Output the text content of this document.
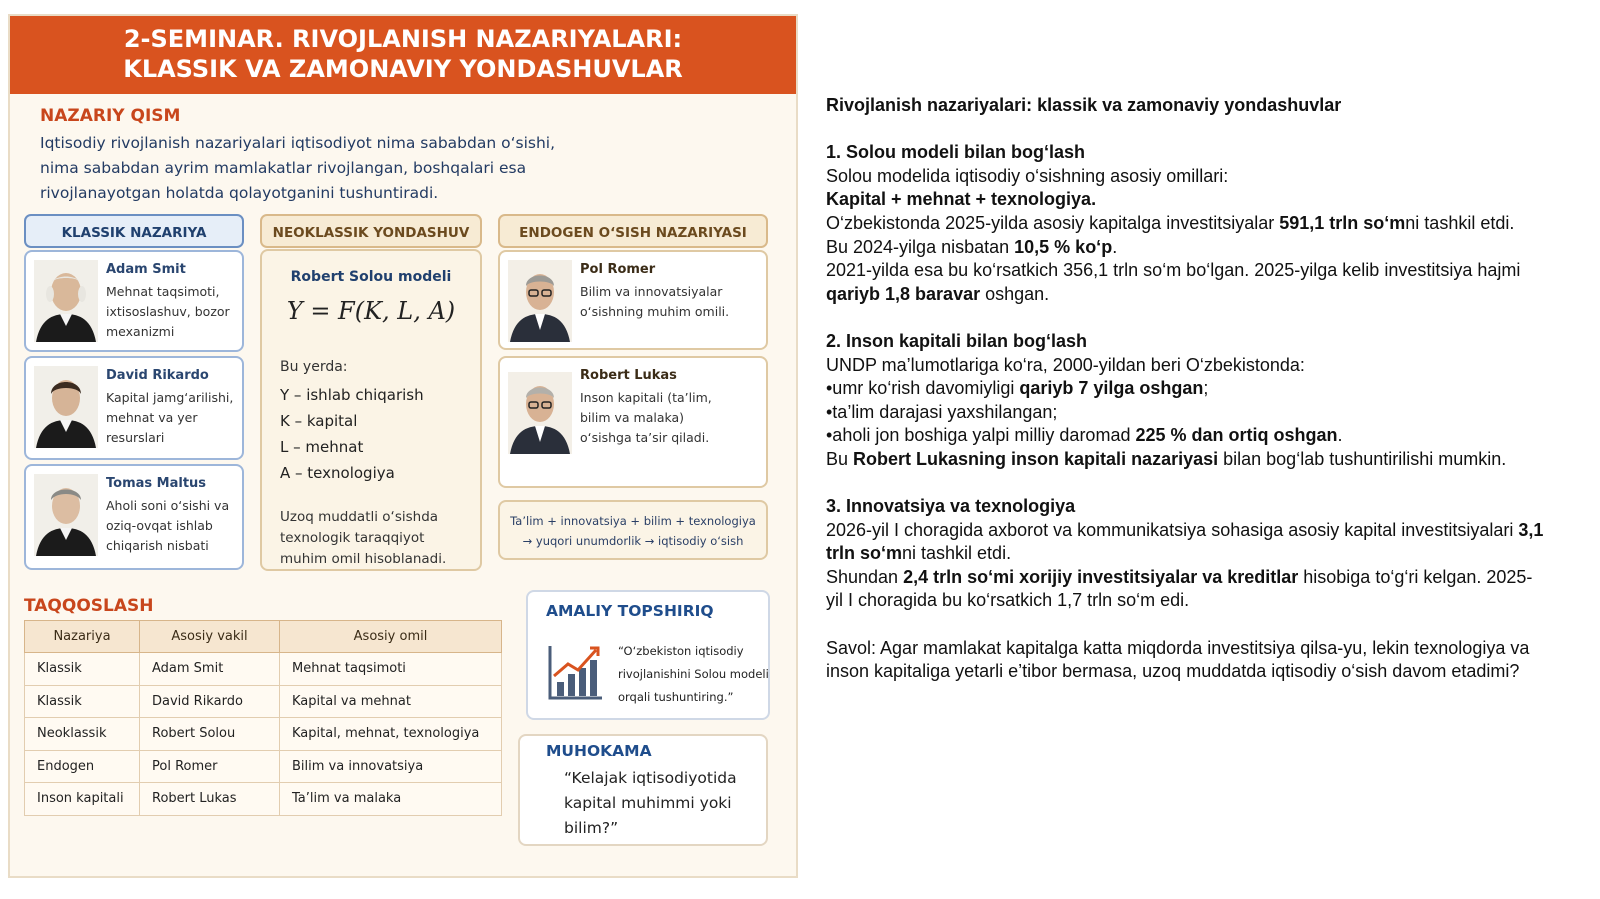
2-SEMINAR. RIVOJLANISH NAZARIYALARI:
KLASSIK VA ZAMONAVIY YONDASHUVLAR
NAZARIY QISM
Iqtisodiy rivojlanish nazariyalari iqtisodiyot nima sababdan o‘sishi,
nima sababdan ayrim mamlakatlar rivojlangan, boshqalari esa
rivojlanayotgan holatda qolayotganini tushuntiradi.
KLASSIK NAZARIYA
Adam Smit
Mehnat taqsimoti, ixtisoslashuv, bozor mexanizmi
David Rikardo
Kapital jamg‘arilishi, mehnat va yer resurslari
Tomas Maltus
Aholi soni o‘sishi va oziq-ovqat ishlab chiqarish nisbati
Robert Solou modeli
Y = F(K, L, A)
Bu yerda:
Y – ishlab chiqarish
K – kapital
L – mehnat
A – texnologiya
Uzoq muddatli o‘sishda texnologik taraqqiyot muhim omil hisoblanadi.
NEOKLASSIK YONDASHUV	ENDOGEN O‘SISH NAZARIYASI
Pol Romer
Bilim va innovatsiyalar o‘sishning muhim omili.
Robert Lukas
Inson kapitali (ta’lim, bilim va malaka) o‘sishga ta’sir qiladi.
Ta’lim + innovatsiya + bilim + texnologiya
→ yuqori unumdorlik → iqtisodiy o‘sish
TAQQOSLASH
Nazariya	Asosiy vakil	Asosiy omil
Klassik	Adam Smit	Mehnat taqsimoti
Klassik	David Rikardo	Kapital va mehnat
Neoklassik	Robert Solou	Kapital, mehnat, texnologiya
Endogen	Pol Romer	Bilim va innovatsiya
Inson kapitali	Robert Lukas	Ta’lim va malaka
AMALIY TOPSHIRIQ
“O‘zbekiston iqtisodiy rivojlanishini Solou modeli orqali tushuntiring.”
MUHOKAMA
“Kelajak iqtisodiyotida kapital muhimmi yoki bilim?”

Rivojlanish nazariyalari: klassik va zamonaviy yondashuvlar

1. Solou modeli bilan bog‘lash

Solou modelida iqtisodiy o‘sishning asosiy omillari:

Kapital + mehnat + texnologiya.

O‘zbekistonda 2025-yilda asosiy kapitalga investitsiyalar 591,1 trln so‘mni tashkil etdi.

Bu 2024-yilga nisbatan 10,5 % ko‘p.

2021-yilda esa bu ko‘rsatkich 356,1 trln so‘m bo‘lgan. 2025-yilga kelib investitsiya hajmi qariyb 1,8 baravar oshgan.

2. Inson kapitali bilan bog‘lash

UNDP ma’lumotlariga ko‘ra, 2000-yildan beri O‘zbekistonda:

•umr ko‘rish davomiyligi qariyb 7 yilga oshgan;

•ta’lim darajasi yaxshilangan;

•aholi jon boshiga yalpi milliy daromad 225 % dan ortiq oshgan.

Bu Robert Lukasning inson kapitali nazariyasi bilan bog‘lab tushuntirilishi mumkin.

3. Innovatsiya va texnologiya

2026-yil I choragida axborot va kommunikatsiya sohasiga asosiy kapital investitsiyalari 3,1 trln so‘mni tashkil etdi.

Shundan 2,4 trln so‘mi xorijiy investitsiyalar va kreditlar hisobiga to‘g‘ri kelgan. 2025-yil I choragida bu ko‘rsatkich 1,7 trln so‘m edi.

Savol: Agar mamlakat kapitalga katta miqdorda investitsiya qilsa-yu, lekin texnologiya va inson kapitaliga yetarli e’tibor bermasa, uzoq muddatda iqtisodiy o‘sish davom etadimi?
